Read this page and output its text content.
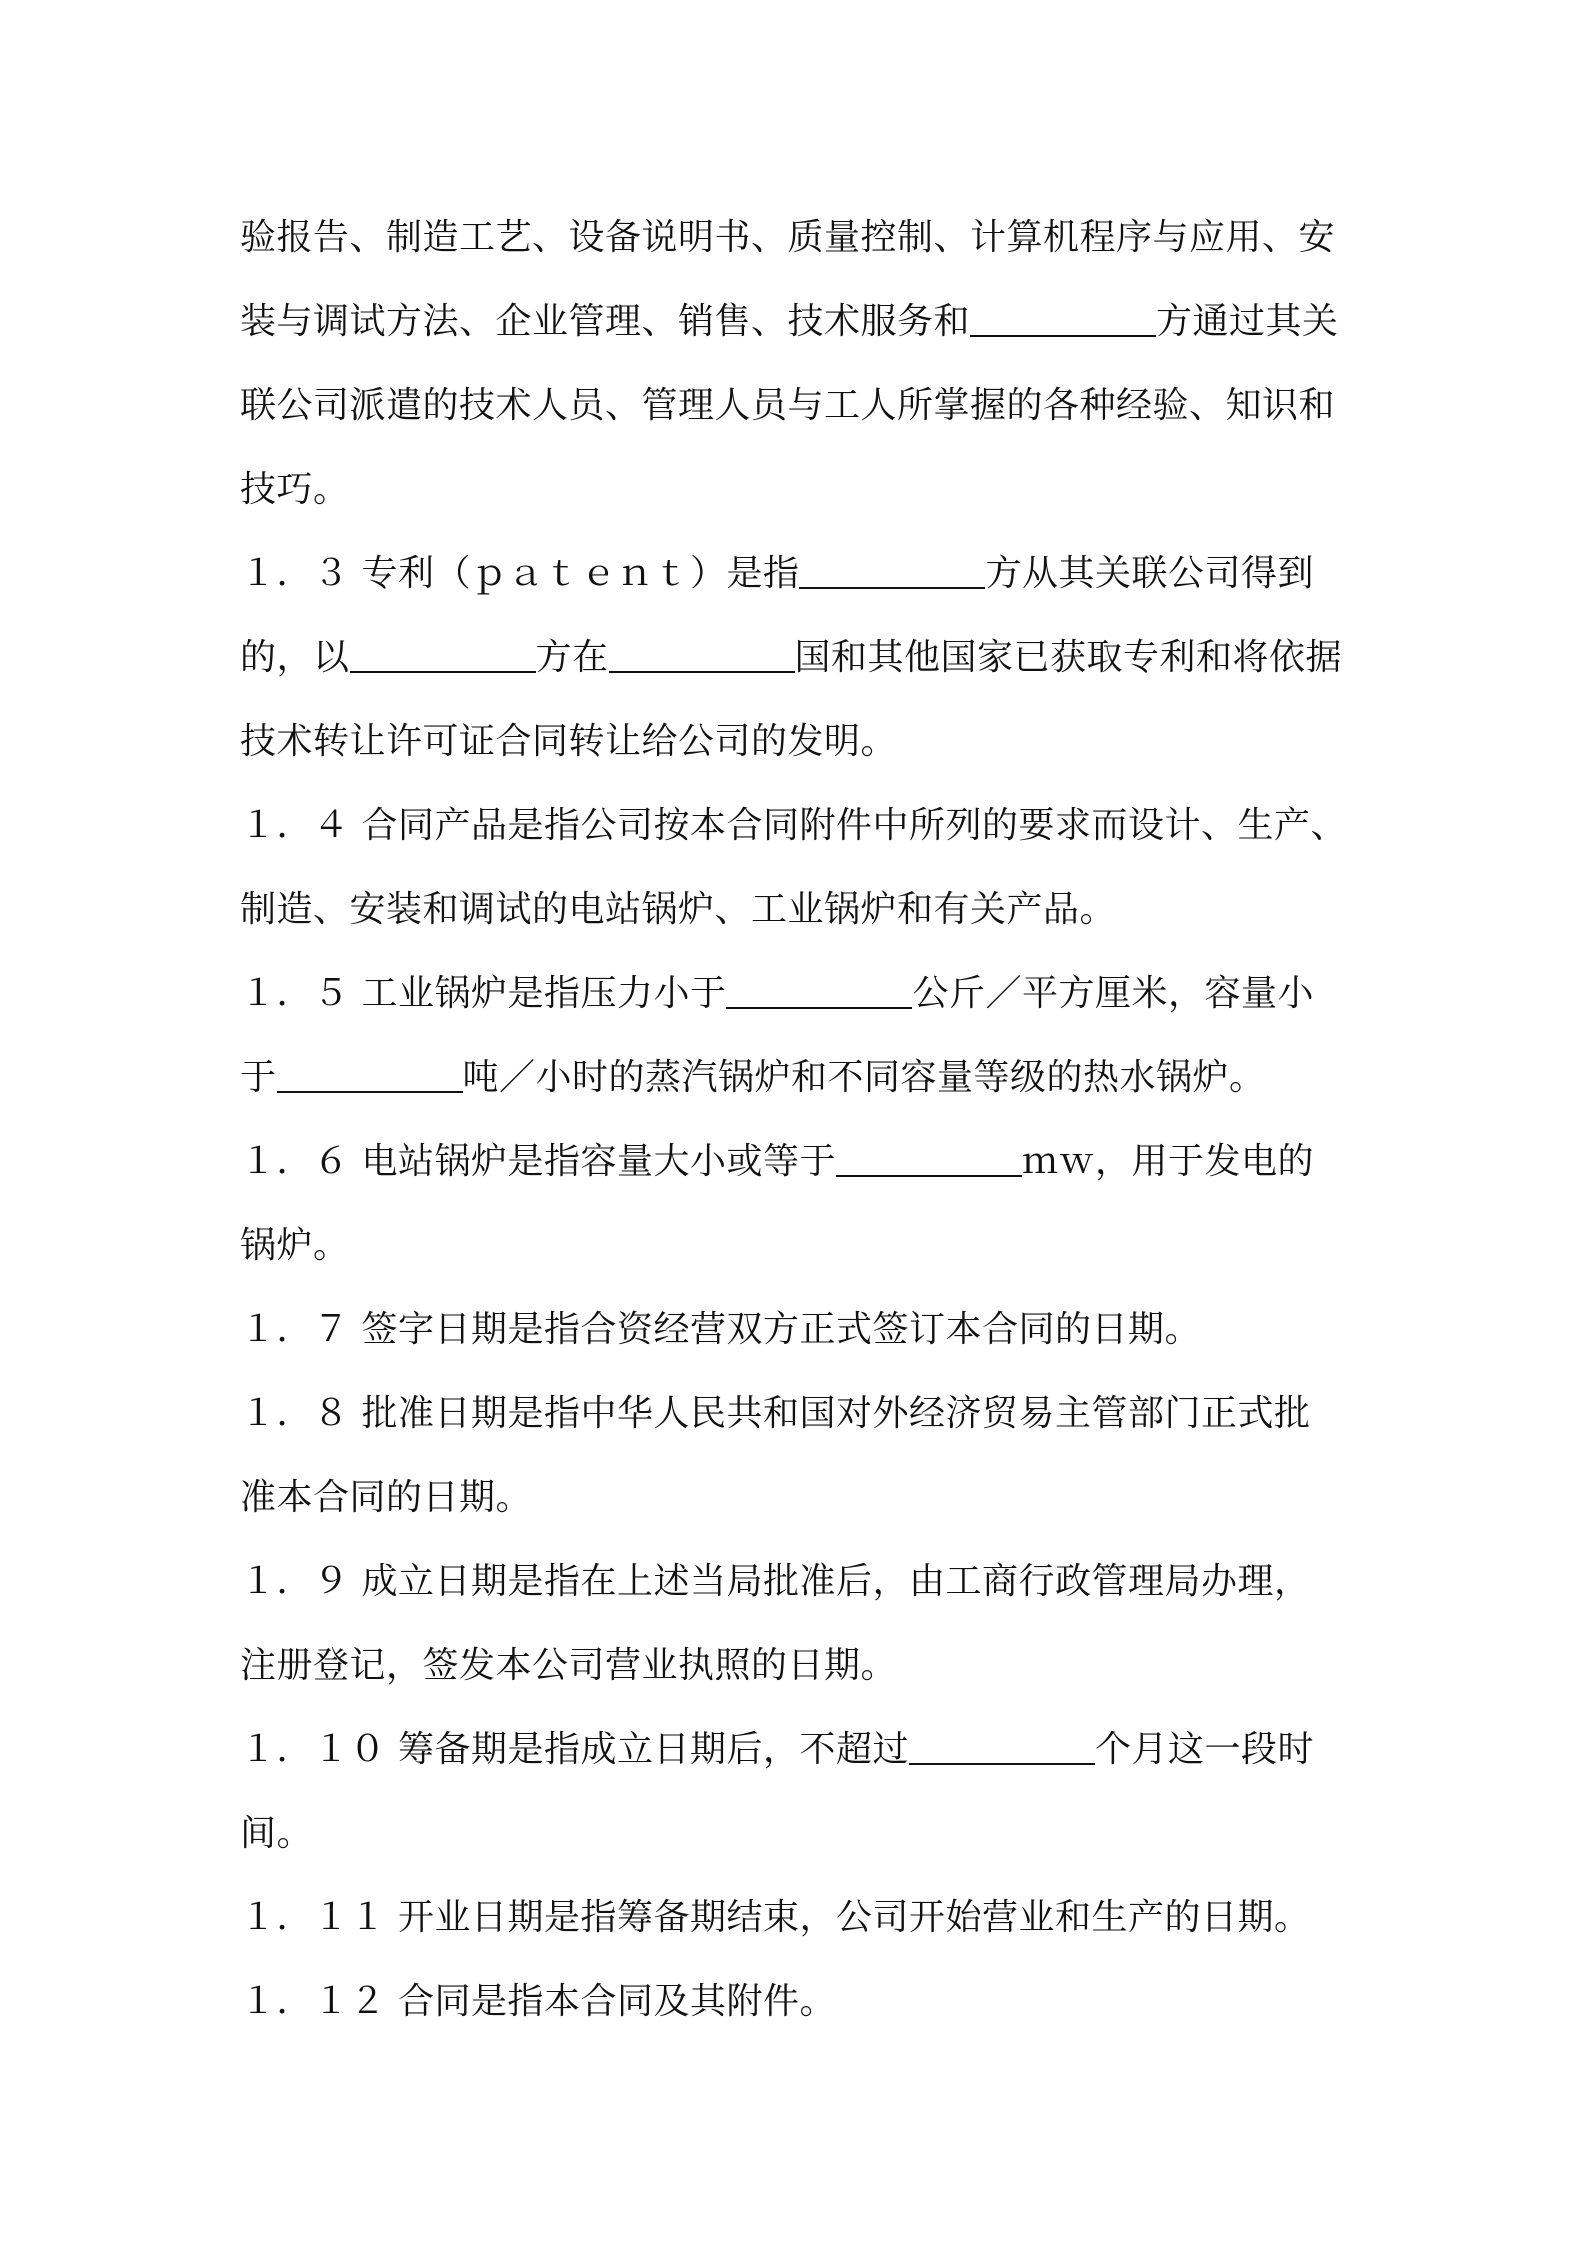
验报告、制造工艺、设备说明书、质量控制、计算机程序与应用、安
装与调试方法、企业管理、销售、技术服务和	方通过其关
联公司派遣的技术人员、管理人员与工人所掌握的各种经验、知识和
技巧。
１．３ 专利（ｐａｔｅｎｔ）是指	方从其关联公司得到
的，以	方在	国和其他国家已获取专利和将依据
技术转让许可证合同转让给公司的发明。
１．４ 合同产品是指公司按本合同附件中所列的要求而设计、生产、
制造、安装和调试的电站锅炉、工业锅炉和有关产品。
１．５ 工业锅炉是指压力小于	公斤／平方厘米，容量小
于	吨／小时的蒸汽锅炉和不同容量等级的热水锅炉。
１．６ 电站锅炉是指容量大小或等于	ｍｗ，用于发电的
锅炉。
１．７ 签字日期是指合资经营双方正式签订本合同的日期。
１．８ 批准日期是指中华人民共和国对外经济贸易主管部门正式批
准本合同的日期。
１．９ 成立日期是指在上述当局批准后，由工商行政管理局办理，
注册登记，签发本公司营业执照的日期。
１．１０ 筹备期是指成立日期后，不超过	个月这一段时
间。
１．１１ 开业日期是指筹备期结束，公司开始营业和生产的日期。
１．１２ 合同是指本合同及其附件。
